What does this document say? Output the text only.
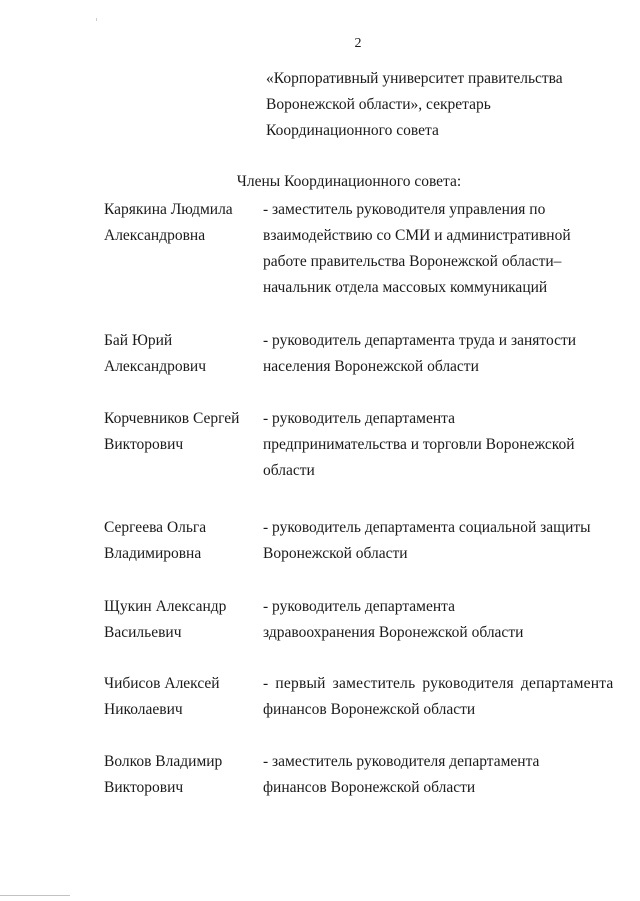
2
«Корпоративный университет правительства
Воронежской области», секретарь
Координационного совета
Члены Координационного совета:
Карякина Людмила
Александровна
- заместитель руководителя управления по
взаимодействию со СМИ и административной
работе правительства Воронежской области–
начальник отдела массовых коммуникаций
Бай Юрий
Александрович
- руководитель департамента труда и занятости
населения Воронежской области
Корчевников Сергей
Викторович
- руководитель департамента
предпринимательства и торговли Воронежской
области
Сергеева Ольга
Владимировна
- руководитель департамента социальной защиты
Воронежской области
Щукин Александр
Васильевич
- руководитель департамента
здравоохранения Воронежской области
Чибисов Алексей
Николаевич
- первый заместитель руководителя департамента
финансов Воронежской области
Волков Владимир
Викторович
- заместитель руководителя департамента
финансов Воронежской области
